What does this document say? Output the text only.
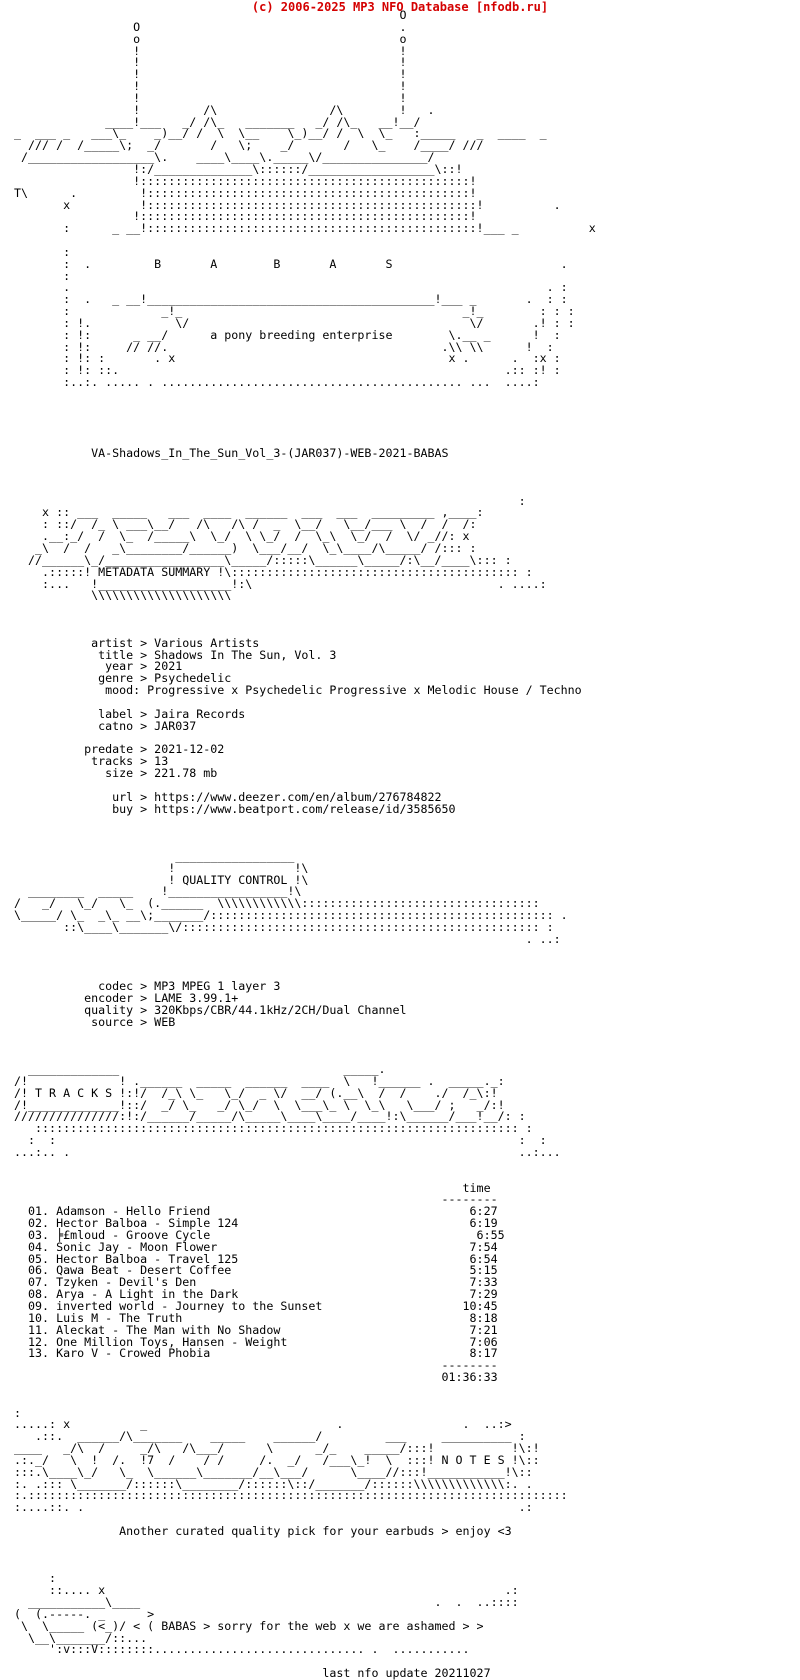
(c) 2006-2025 MP3 NFO Database [nfodb.ru]
O
O                                     .
o                                     o
!                                     !
!                                     !
!                                     !
!                                     !
!                                     !
!         /\                /\        !   .
____!___   _/ /\_   _______   _/ /\_   __!__/
_  ___ _   ___\_    _)__/ /  \  \__    \_)__/ /  \  \_   :_____   _  ____  _
/// /  /_____\;  _/       /   \;    _/       /   \_    /____/ ///
/__________________\.    ____\____\._____\/_______________/
!:/______________\::::::/__________________\::!
!:::::::::::::::::::::::::::::::::::::::::::::::!
T\      .         !::::::::::::::::::::::::::::::::::::::::::::::!
x          !:::::::::::::::::::::::::::::::::::::::::::::::!          .
!:::::::::::::::::::::::::::::::::::::::::::::::!
:      _ __!:::::::::::::::::::::::::::::::::::::::::::::::!___ _          x

:
:  .         B       A        B       A       S                        .
:
.                                                                    . :
:  .   _ __!_________________________________________!___ _       .  : :
:             _!_                                        _!_        : : :
: !.            \/                                        \/       .! : :
: !:      _ __/      a pony breeding enterprise        \.__ _      !  :
: !:     // //.                                       .\\ \\      !  :
: !: :       . x                                       x .      .  :x :
: !: ::.                                                       .:: :! :
:..:. ..... . ........................................... ...  ....:

VA-Shadows_In_The_Sun_Vol_3-(JAR037)-WEB-2021-BABAS

:
x :: ___  _____   ___  ____  ______  ___  ___  _________ ,____:
: ::/  /_ \ ___\__/   /\   /\ /  _  \__/   \__/___ \  /  /  /:
.__:_/  /  \_  /_____\  \_/  \ \_/  /  \_\  \_/  /  \/ _//: x
_\  /  /   _\________/______)  \___/__/  \_\____/\_____/ /::: :
//______\_/_________________\_____/:::::\______\_____/:\__/____\::: :
.:::::! METADATA SUMMARY !\::::::::::::::::::::::::::::::::::::::::: :
:...   !___________________!:\                                   . ....:
\\\\\\\\\\\\\\\\\\\\

artist > Various Artists
title > Shadows In The Sun, Vol. 3
year > 2021
genre > Psychedelic
mood: Progressive x Psychedelic Progressive x Melodic House / Techno

label > Jaira Records
catno > JAR037

predate > 2021-12-02
tracks > 13
size > 221.78 mb

url > https://www.deezer.com/en/album/276784822
buy > https://www.beatport.com/release/id/3585650

_________________
!                 !\
! QUALITY CONTROL !\
________  _____    !_________________!\
/   _/   \_/   \_  (.______  \\\\\\\\\\\\::::::::::::::::::::::::::::::::::
\_____/ \_  _\_ __\;_______/::::::::::::::::::::::::::::::::::::::::::::::::: .
::\____\_______\/::::::::::::::::::::::::::::::::::::::::::::::::::: :
. ..:

codec > MP3 MPEG 1 layer 3
encoder > LAME 3.99.1+
quality > 320Kbps/CBR/44.1kHz/2CH/Dual Channel
source > WEB

_____________                                _____.
/!             ! .______  _____  ______  ____  \   !______ .  _____._:
/! T R A C K S !:!/  /_\ \_   \_/  _ \/  __/ (.__\  /  /    ./  /_\:!
/!_____________!::/  _/ \_   _/ \_/  \  \___\_ \  \_\   \___/ ;   _/:!
///////////////:!:/______/_____/\_____\____\____/____!:\______/___!__/: :
::::::::::::::::::::::::::::::::::::::::::::::::::::::::::::::::::::: :
:  :                                                                  :  :
...:.. .                                                                ..:...

time
--------
01. Adamson - Hello Friend                                     6:27
02. Hector Balboa - Simple 124                                 6:19
03. ╞£mloud - Groove Cycle                                      6:55
04. Sonic Jay - Moon Flower                                    7:54
05. Hector Balboa - Travel 125                                 6:54
06. Qawa Beat - Desert Coffee                                  5:15
07. Tzyken - Devil's Den                                       7:33
08. Arya - A Light in the Dark                                 7:29
09. inverted world - Journey to the Sunset                    10:45
10. Luis M - The Truth                                         8:18
11. Aleckat - The Man with No Shadow                           7:21
12. One Million Toys, Hansen - Weight                          7:06
13. Karo V - Crowed Phobia                                     8:17
--------
01:36:33

:
.....: x          _                           .                 .  ..:>
.::.  ______/\_______    _____    ______/         ___     __________ :
____   _/\  /     _/\   /\___/      \      _/_    _____/:::!           !\:!
.:._/   \  !  /.  !7  /    / /     /.  _/   /___\_!  \  :::! N O T E S !\::
:::.\____\_/   \_  \______\_______/__\___/      \____//:::!___________!\::
:. .::: \_______/::::::\________/::::::\::/_______/::::::\\\\\\\\\\\\\:. .
:.:::::::::::::::::::::::::::::::::::::::::::::::::::::::::::::::::::::::::::::
:....::. .                                                              .:

Another curated quality pick for your earbuds > enjoy <3

:
::.... x                                                         .:
___________\____                                          .  .  ..::::
(  (.-----. _      >
\  \_____ (<_)/ < ( BABAS > sorry for the web x we are ashamed > >
\__\_______/::...
':v:::V::::::::.............................. .  ...........

last nfo update 20211027
